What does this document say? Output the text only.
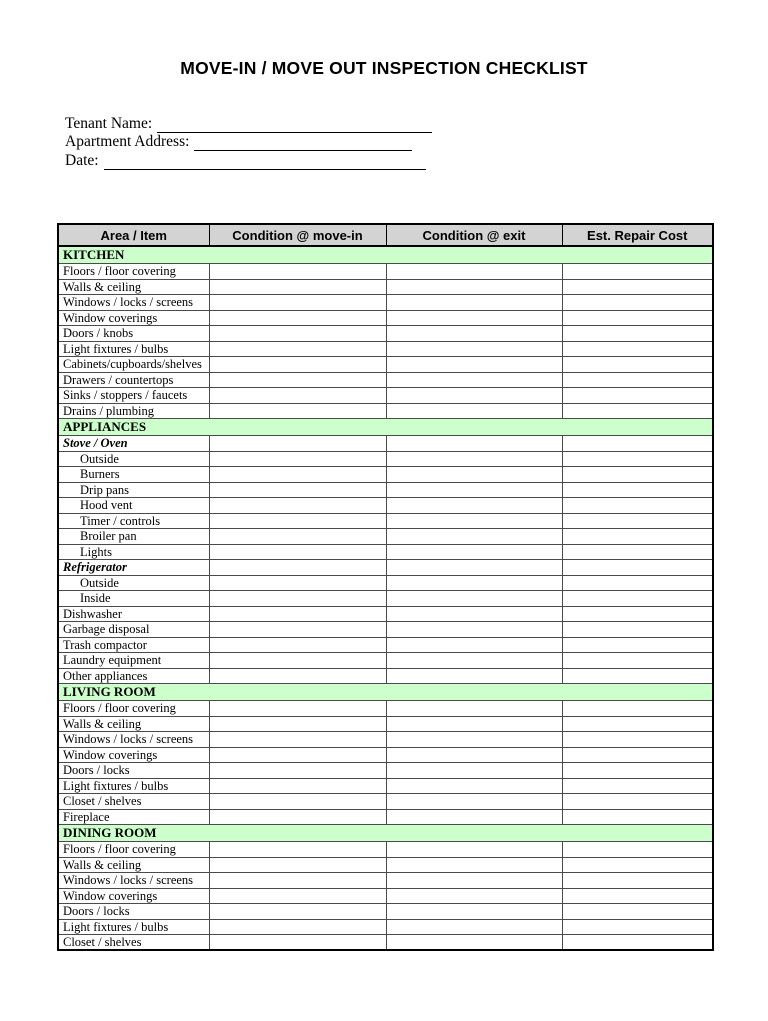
MOVE-IN / MOVE OUT INSPECTION CHECKLIST
Tenant Name:
Apartment Address:
Date:
Area / Item	Condition @ move-in	Condition @ exit	Est. Repair Cost
KITCHEN			
Floors / floor covering			
Walls & ceiling			
Windows / locks / screens			
Window coverings			
Doors / knobs			
Light fixtures / bulbs			
Cabinets/cupboards/shelves			
Drawers / countertops			
Sinks / stoppers / faucets			
Drains / plumbing			
APPLIANCES			
Stove / Oven			
Outside			
Burners			
Drip pans			
Hood vent			
Timer / controls			
Broiler pan			
Lights			
Refrigerator			
Outside			
Inside			
Dishwasher			
Garbage disposal			
Trash compactor			
Laundry equipment			
Other appliances			
LIVING ROOM			
Floors / floor covering			
Walls & ceiling			
Windows / locks / screens			
Window coverings			
Doors / locks			
Light fixtures / bulbs			
Closet / shelves			
Fireplace			
DINING ROOM			
Floors / floor covering			
Walls & ceiling			
Windows / locks / screens			
Window coverings			
Doors / locks			
Light fixtures / bulbs			
Closet / shelves			
